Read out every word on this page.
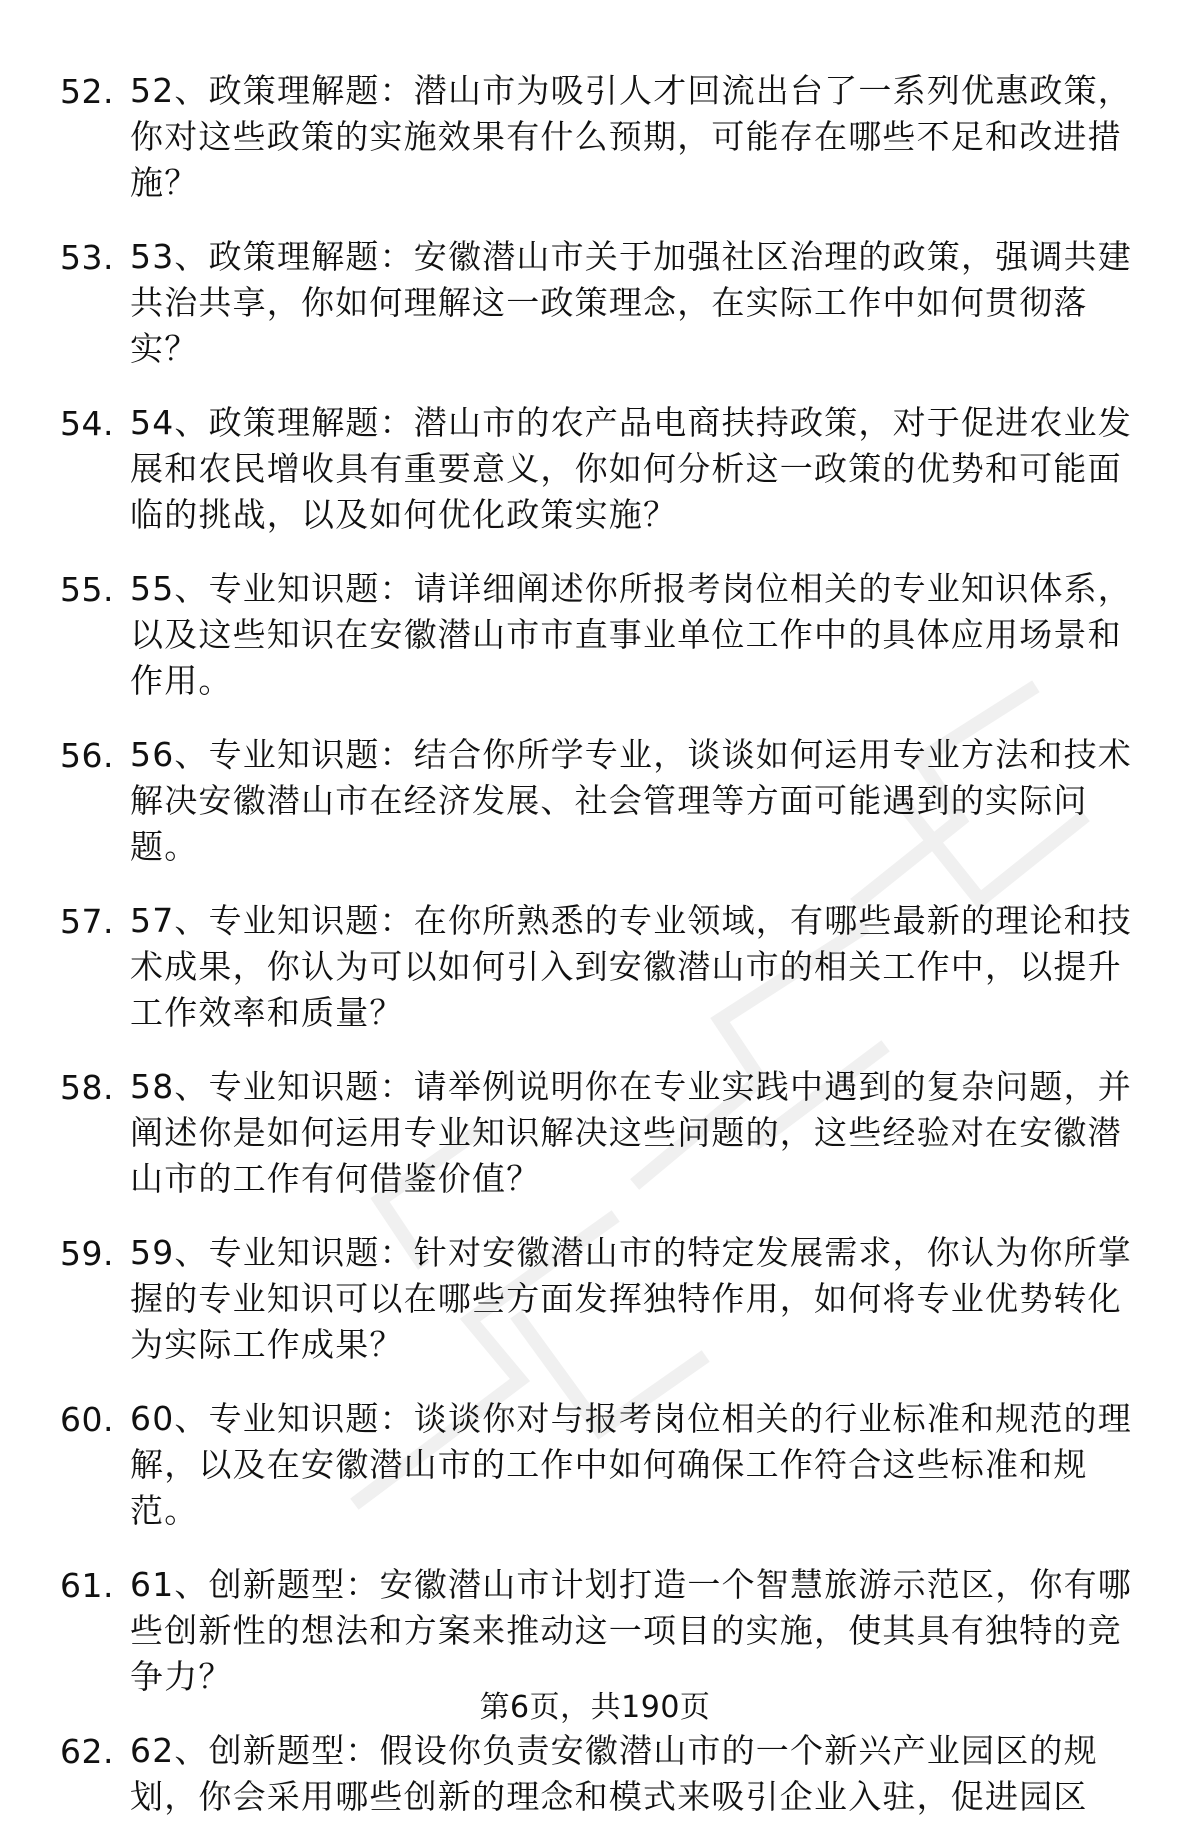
52. 52、政策理解题：潜山市为吸引人才回流出台了一系列优惠政策，你对这些政策的实施效果有什么预期，可能存在哪些不足和改进措施？
53. 53、政策理解题：安徽潜山市关于加强社区治理的政策，强调共建共治共享，你如何理解这一政策理念，在实际工作中如何贯彻落实？
54. 54、政策理解题：潜山市的农产品电商扶持政策，对于促进农业发展和农民增收具有重要意义，你如何分析这一政策的优势和可能面临的挑战，以及如何优化政策实施？
55. 55、专业知识题：请详细阐述你所报考岗位相关的专业知识体系，以及这些知识在安徽潜山市市直事业单位工作中的具体应用场景和作用。
56. 56、专业知识题：结合你所学专业，谈谈如何运用专业方法和技术解决安徽潜山市在经济发展、社会管理等方面可能遇到的实际问题。
57. 57、专业知识题：在你所熟悉的专业领域，有哪些最新的理论和技术成果，你认为可以如何引入到安徽潜山市的相关工作中，以提升工作效率和质量？
58. 58、专业知识题：请举例说明你在专业实践中遇到的复杂问题，并阐述你是如何运用专业知识解决这些问题的，这些经验对在安徽潜山市的工作有何借鉴价值？
59. 59、专业知识题：针对安徽潜山市的特定发展需求，你认为你所掌握的专业知识可以在哪些方面发挥独特作用，如何将专业优势转化为实际工作成果？
60. 60、专业知识题：谈谈你对与报考岗位相关的行业标准和规范的理解，以及在安徽潜山市的工作中如何确保工作符合这些标准和规范。
61. 61、创新题型：安徽潜山市计划打造一个智慧旅游示范区，你有哪些创新性的想法和方案来推动这一项目的实施，使其具有独特的竞争力？
62. 62、创新题型：假设你负责安徽潜山市的一个新兴产业园区的规划，你会采用哪些创新的理念和模式来吸引企业入驻，促进园区
第6页，共190页
